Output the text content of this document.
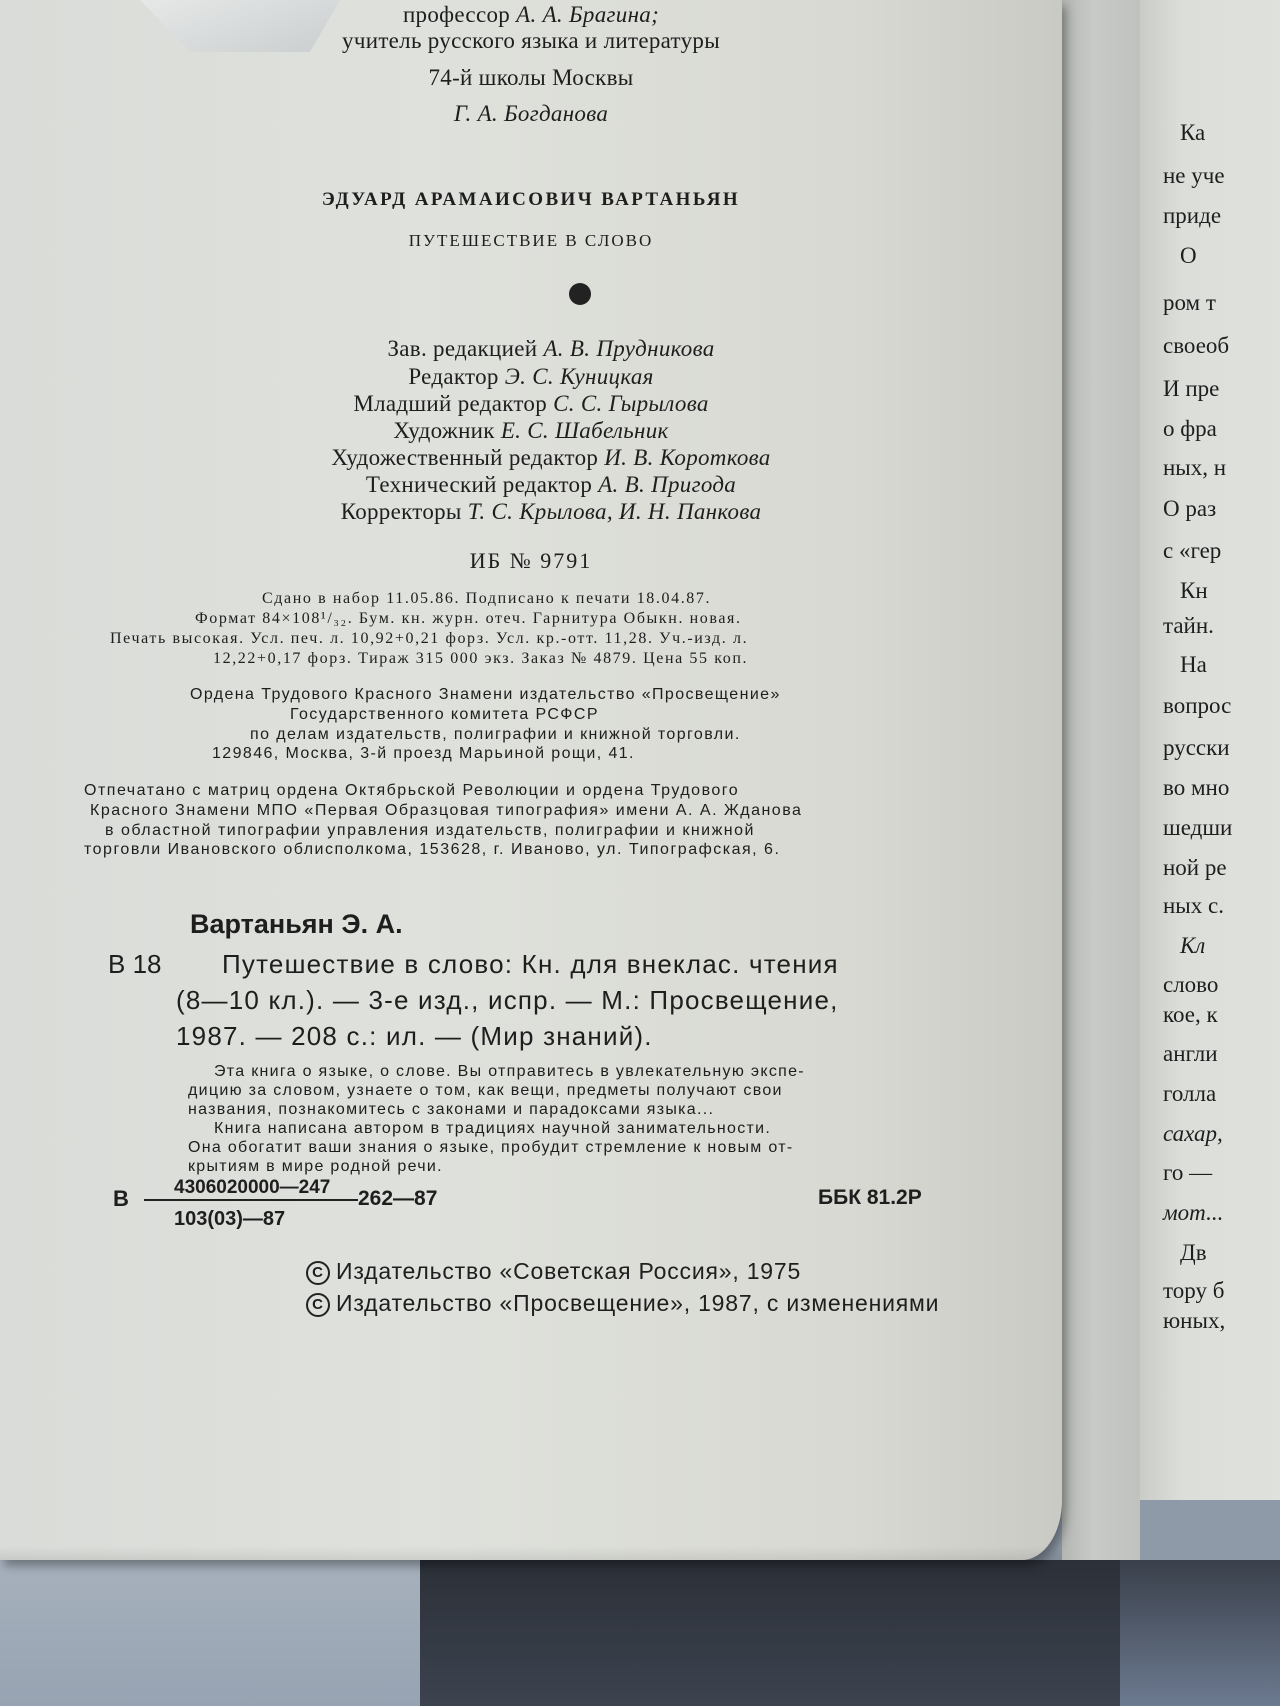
Ка
не уче
приде
О
ром т
своеоб
И пре
о фра
ных, н
О раз
с «гер
Кн
тайн.
На
вопрос
русски
во мно
шедши
ной ре
ных с.
Кл
слово
кое, к
англи
голла
сахар,
го —
мот...
Дв
тору б
юных,
профессор А. А. Брагина;
учитель русского языка и литературы
74-й школы Москвы
Г. А. Богданова
ЭДУАРД АРАМАИСОВИЧ ВАРТАНЬЯН
ПУТЕШЕСТВИЕ В СЛОВО
Зав. редакцией А. В. Прудникова
Редактор Э. С. Куницкая
Младший редактор С. С. Гырылова
Художник Е. С. Шабельник
Художественный редактор И. В. Короткова
Технический редактор А. В. Пригода
Корректоры Т. С. Крылова, И. Н. Панкова
ИБ № 9791
Сдано в набор 11.05.86. Подписано к печати 18.04.87.
Формат 84×108¹/₃₂. Бум. кн. журн. отеч. Гарнитура Обыкн. новая.
Печать высокая. Усл. печ. л. 10,92+0,21 форз. Усл. кр.-отт. 11,28. Уч.-изд. л.
12,22+0,17 форз. Тираж 315 000 экз. Заказ № 4879. Цена 55 коп.
Ордена Трудового Красного Знамени издательство «Просвещение»
Государственного комитета РСФСР
по делам издательств, полиграфии и книжной торговли.
129846, Москва, 3-й проезд Марьиной рощи, 41.
Отпечатано с матриц ордена Октябрьской Революции и ордена Трудового
Красного Знамени МПО «Первая Образцовая типография» имени А. А. Жданова
в областной типографии управления издательств, полиграфии и книжной
торговли Ивановского облисполкома, 153628, г. Иваново, ул. Типографская, 6.
Вартаньян Э. А.
В 18 Путешествие в слово: Кн. для внеклас. чтения
(8—10 кл.). — 3-е изд., испр. — М.: Просвещение,
1987. — 208 с.: ил. — (Мир знаний).
Эта книга о языке, о слове. Вы отправитесь в увлекательную экспе-
дицию за словом, узнаете о том, как вещи, предметы получают свои
названия, познакомитесь с законами и парадоксами языка...
Книга написана автором в традициях научной занимательности.
Она обогатит ваши знания о языке, пробудит стремление к новым от-
крытиям в мире родной речи.
В 4306020000—247 262—87
103(03)—87
ББК 81.2Р
C Издательство «Советская Россия», 1975
C Издательство «Просвещение», 1987, с изменениями
